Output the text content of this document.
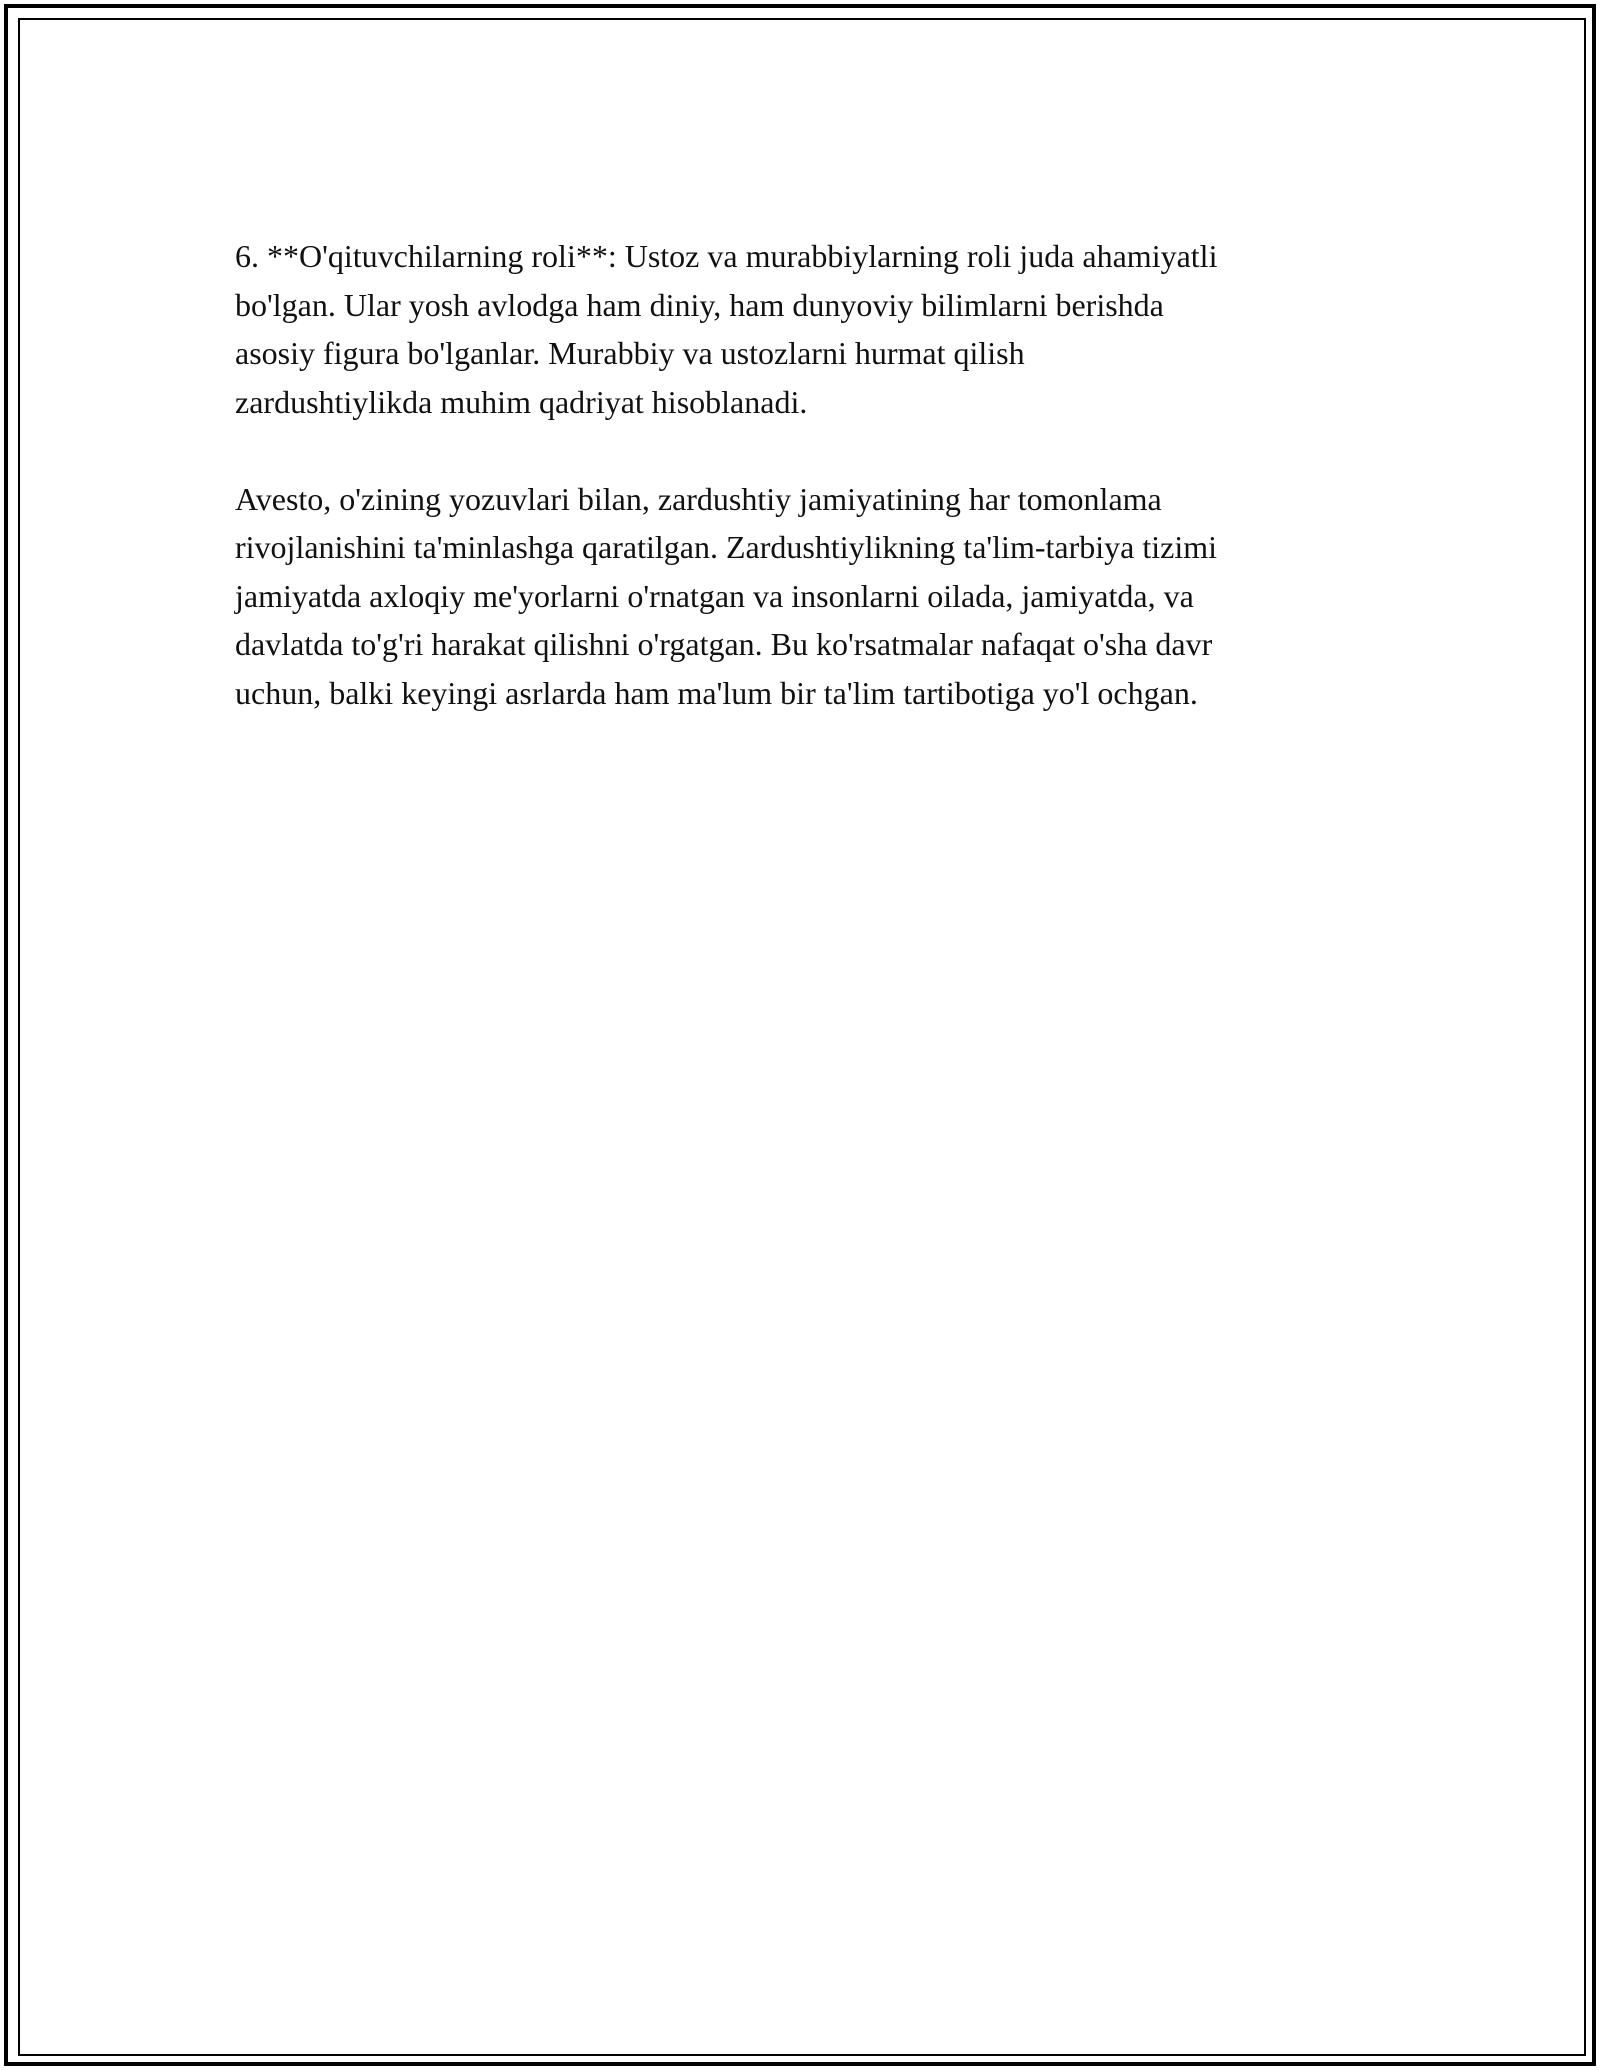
6. **O'qituvchilarning roli**: Ustoz va murabbiylarning roli juda ahamiyatli
bo'lgan. Ular yosh avlodga ham diniy, ham dunyoviy bilimlarni berishda
asosiy figura bo'lganlar. Murabbiy va ustozlarni hurmat qilish
zardushtiylikda muhim qadriyat hisoblanadi.

Avesto, o'zining yozuvlari bilan, zardushtiy jamiyatining har tomonlama
rivojlanishini ta'minlashga qaratilgan. Zardushtiylikning ta'lim-tarbiya tizimi
jamiyatda axloqiy me'yorlarni o'rnatgan va insonlarni oilada, jamiyatda, va
davlatda to'g'ri harakat qilishni o'rgatgan. Bu ko'rsatmalar nafaqat o'sha davr
uchun, balki keyingi asrlarda ham ma'lum bir ta'lim tartibotiga yo'l ochgan.
